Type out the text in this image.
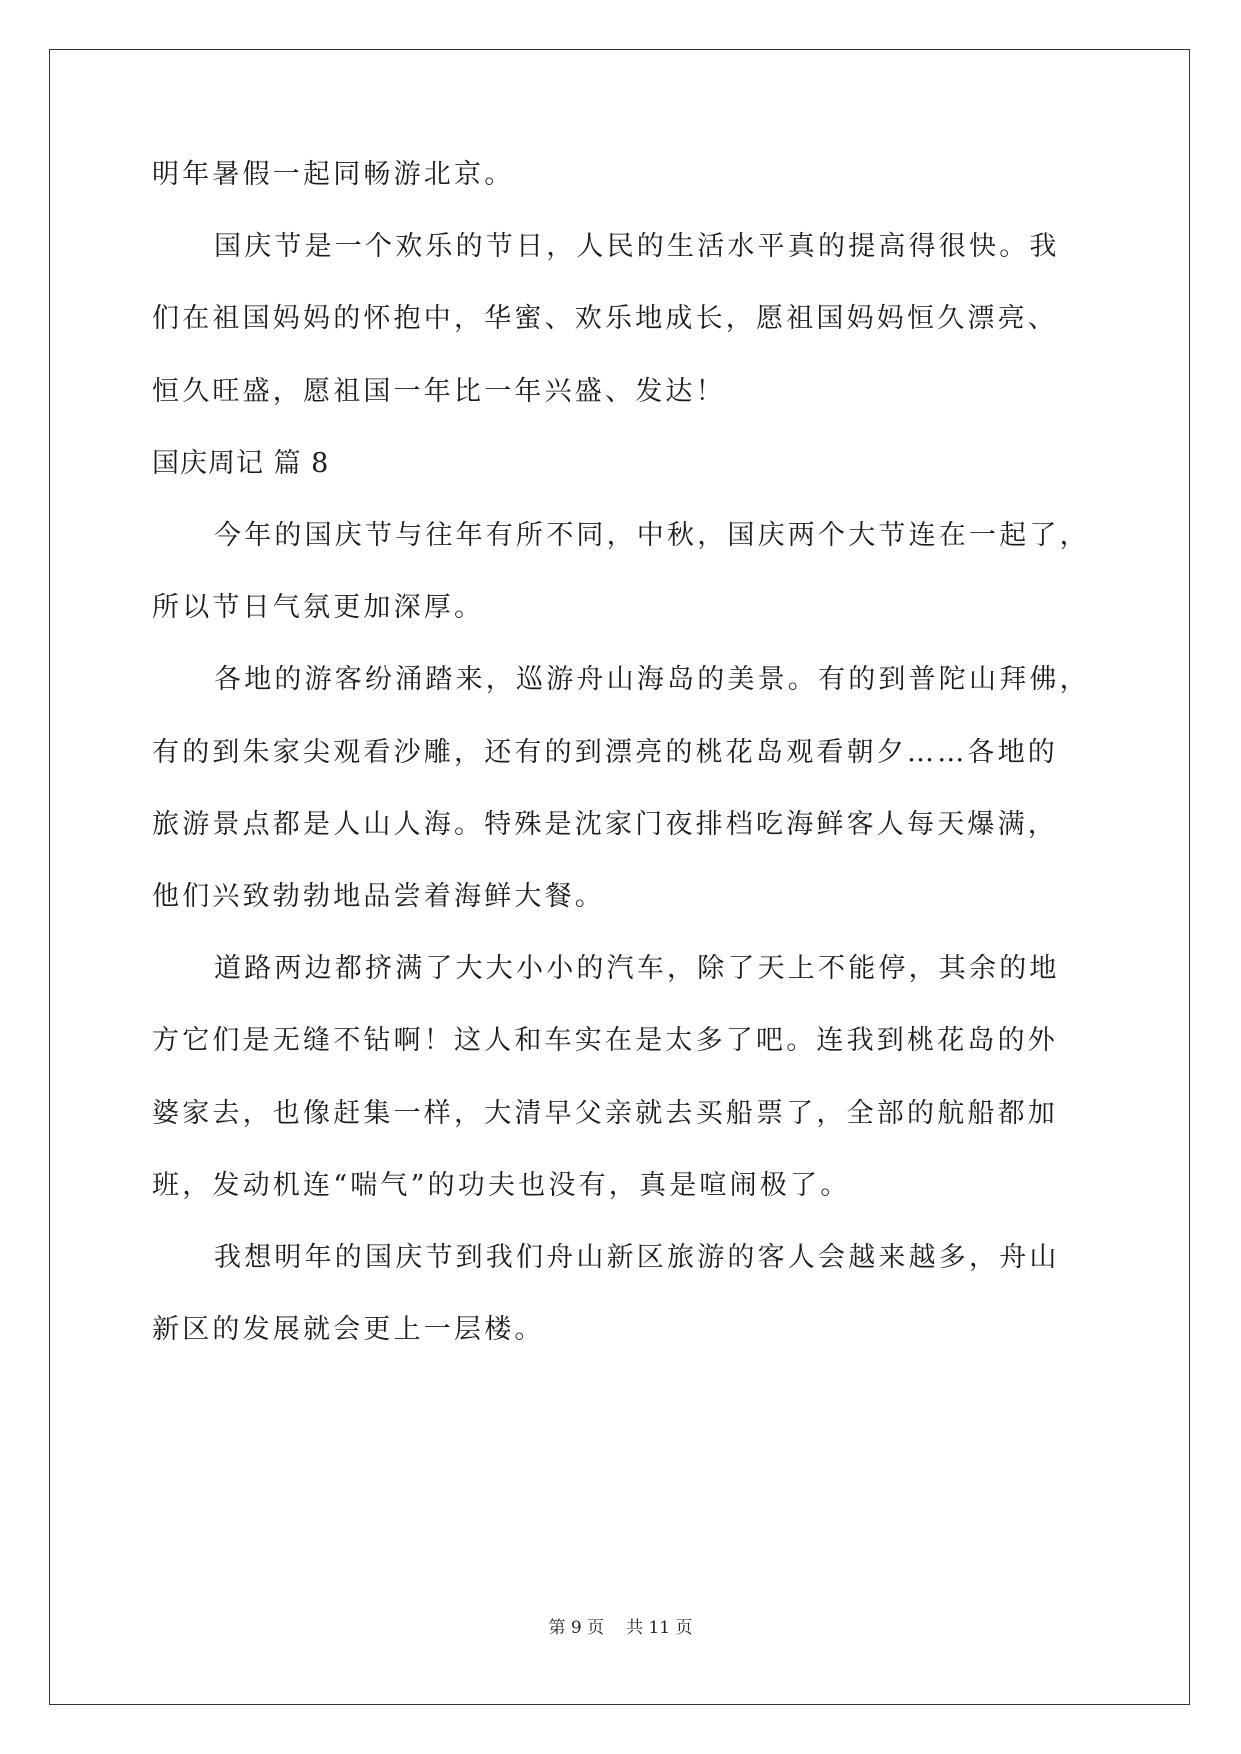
明年暑假一起同畅游北京。
国庆节是一个欢乐的节日，人民的生活水平真的提高得很快。我
们在祖国妈妈的怀抱中，华蜜、欢乐地成长，愿祖国妈妈恒久漂亮、
恒久旺盛，愿祖国一年比一年兴盛、发达！
国庆周记 篇 8
今年的国庆节与往年有所不同，中秋，国庆两个大节连在一起了，
所以节日气氛更加深厚。
各地的游客纷涌踏来，巡游舟山海岛的美景。有的到普陀山拜佛，
有的到朱家尖观看沙雕，还有的到漂亮的桃花岛观看朝夕……各地的
旅游景点都是人山人海。特殊是沈家门夜排档吃海鲜客人每天爆满，
他们兴致勃勃地品尝着海鲜大餐。
道路两边都挤满了大大小小的汽车，除了天上不能停，其余的地
方它们是无缝不钻啊！这人和车实在是太多了吧。连我到桃花岛的外
婆家去，也像赶集一样，大清早父亲就去买船票了，全部的航船都加
班，发动机连“喘气”的功夫也没有，真是喧闹极了。
我想明年的国庆节到我们舟山新区旅游的客人会越来越多，舟山
新区的发展就会更上一层楼。
第 9 页 共 11 页
